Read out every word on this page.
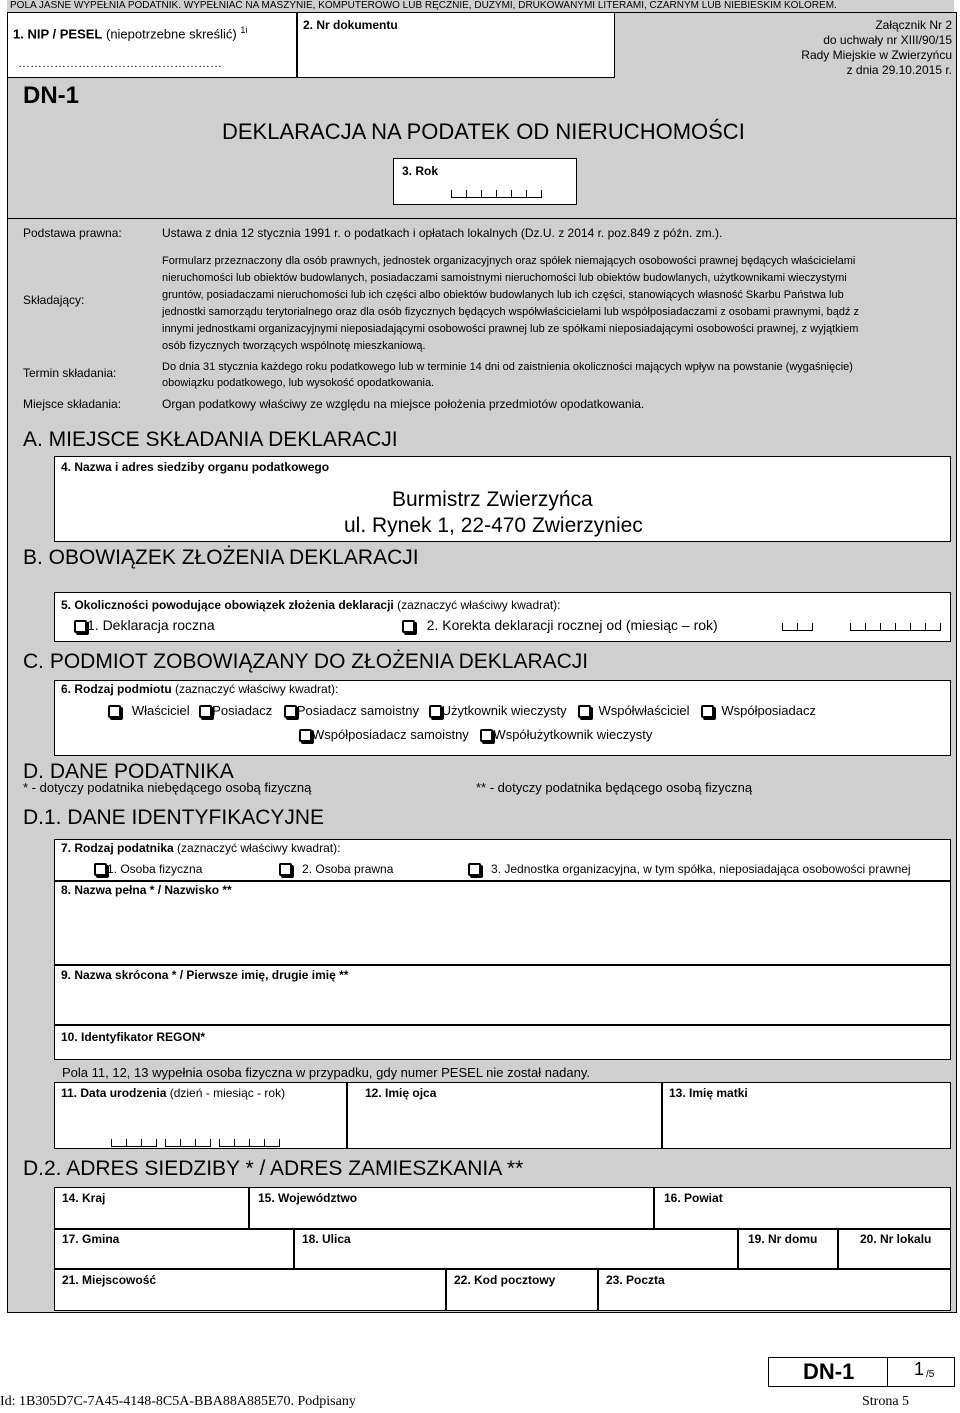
POLA JASNE WYPEŁNIA PODATNIK. WYPEŁNIAĆ NA MASZYNIE, KOMPUTEROWO LUB RĘCZNIE, DUŻYMI, DRUKOWANYMI LITERAMI, CZARNYM LUB NIEBIESKIM KOLOREM.
1. NIP / PESEL (niepotrzebne skreślić) $^{1i}$
……………………………………………
2. Nr dokumentu	Załącznik Nr 2
do uchwały nr XIII/90/15
Rady Miejskie w Zwierzyńcu
z dnia 29.10.2015 r.
DN-1
DEKLARACJA NA PODATEK OD NIERUCHOMOŚCI
3. Rok
Podstawa prawna:	Ustawa z dnia 12 stycznia 1991 r. o podatkach i opłatach lokalnych (Dz.U. z 2014 r. poz.849 z późn. zm.).
Składający:
Formularz przeznaczony dla osób prawnych, jednostek organizacyjnych oraz spółek niemających osobowości prawnej będących właścicielami
nieruchomości lub obiektów budowlanych, posiadaczami samoistnymi nieruchomości lub obiektów budowlanych, użytkownikami wieczystymi
gruntów, posiadaczami nieruchomości lub ich części albo obiektów budowlanych lub ich części, stanowiących własność Skarbu Państwa lub
jednostki samorządu terytorialnego oraz dla osób fizycznych będących współwłaścicielami lub współposiadaczami z osobami prawnymi, bądź z
innymi jednostkami organizacyjnymi nieposiadającymi osobowości prawnej lub ze spółkami nieposiadającymi osobowości prawnej, z wyjątkiem
osób fizycznych tworzących wspólnotę mieszkaniową.
Termin składania:	Do dnia 31 stycznia każdego roku podatkowego lub w terminie 14 dni od zaistnienia okoliczności mających wpływ na powstanie (wygaśnięcie)
obowiązku podatkowego, lub wysokość opodatkowania.
Miejsce składania:	Organ podatkowy właściwy ze względu na miejsce położenia przedmiotów opodatkowania.
A. MIEJSCE SKŁADANIA DEKLARACJI
4. Nazwa i adres siedziby organu podatkowego
Burmistrz Zwierzyńca
ul. Rynek 1, 22-470 Zwierzyniec
B. OBOWIĄZEK ZŁOŻENIA DEKLARACJI
5. Okoliczności powodujące obowiązek złożenia deklaracji (zaznaczyć właściwy kwadrat):
1. Deklaracja roczna	2. Korekta deklaracji rocznej od (miesiąc – rok)
C. PODMIOT ZOBOWIĄZANY DO ZŁOŻENIA DEKLARACJI
6. Rodzaj podmiotu (zaznaczyć właściwy kwadrat):
Właściciel Posiadacz Posiadacz samoistny Użytkownik wieczysty Współwłaściciel Współposiadacz
Współposiadacz samoistny Współużytkownik wieczysty
D. DANE PODATNIKA
* - dotyczy podatnika niebędącego osobą fizyczną	** - dotyczy podatnika będącego osobą fizyczną
D.1. DANE IDENTYFIKACYJNE
7. Rodzaj podatnika (zaznaczyć właściwy kwadrat):
1. Osoba fizyczna	2. Osoba prawna	3. Jednostka organizacyjna, w tym spółka, nieposiadająca osobowości prawnej
8. Nazwa pełna * / Nazwisko **
9. Nazwa skrócona * / Pierwsze imię, drugie imię **
10. Identyfikator REGON*
Pola 11, 12, 13 wypełnia osoba fizyczna w przypadku, gdy numer PESEL nie został nadany.
11. Data urodzenia (dzień - miesiąc - rok)	12. Imię ojca	13. Imię matki
D.2. ADRES SIEDZIBY * / ADRES ZAMIESZKANIA **
14. Kraj	15. Województwo	16. Powiat
17. Gmina	18. Ulica	19. Nr domu	20. Nr lokalu
21. Miejscowość	22. Kod pocztowy	23. Poczta
DN-1	1 /5
Id: 1B305D7C-7A45-4148-8C5A-BBA88A885E70. Podpisany	Strona 5
